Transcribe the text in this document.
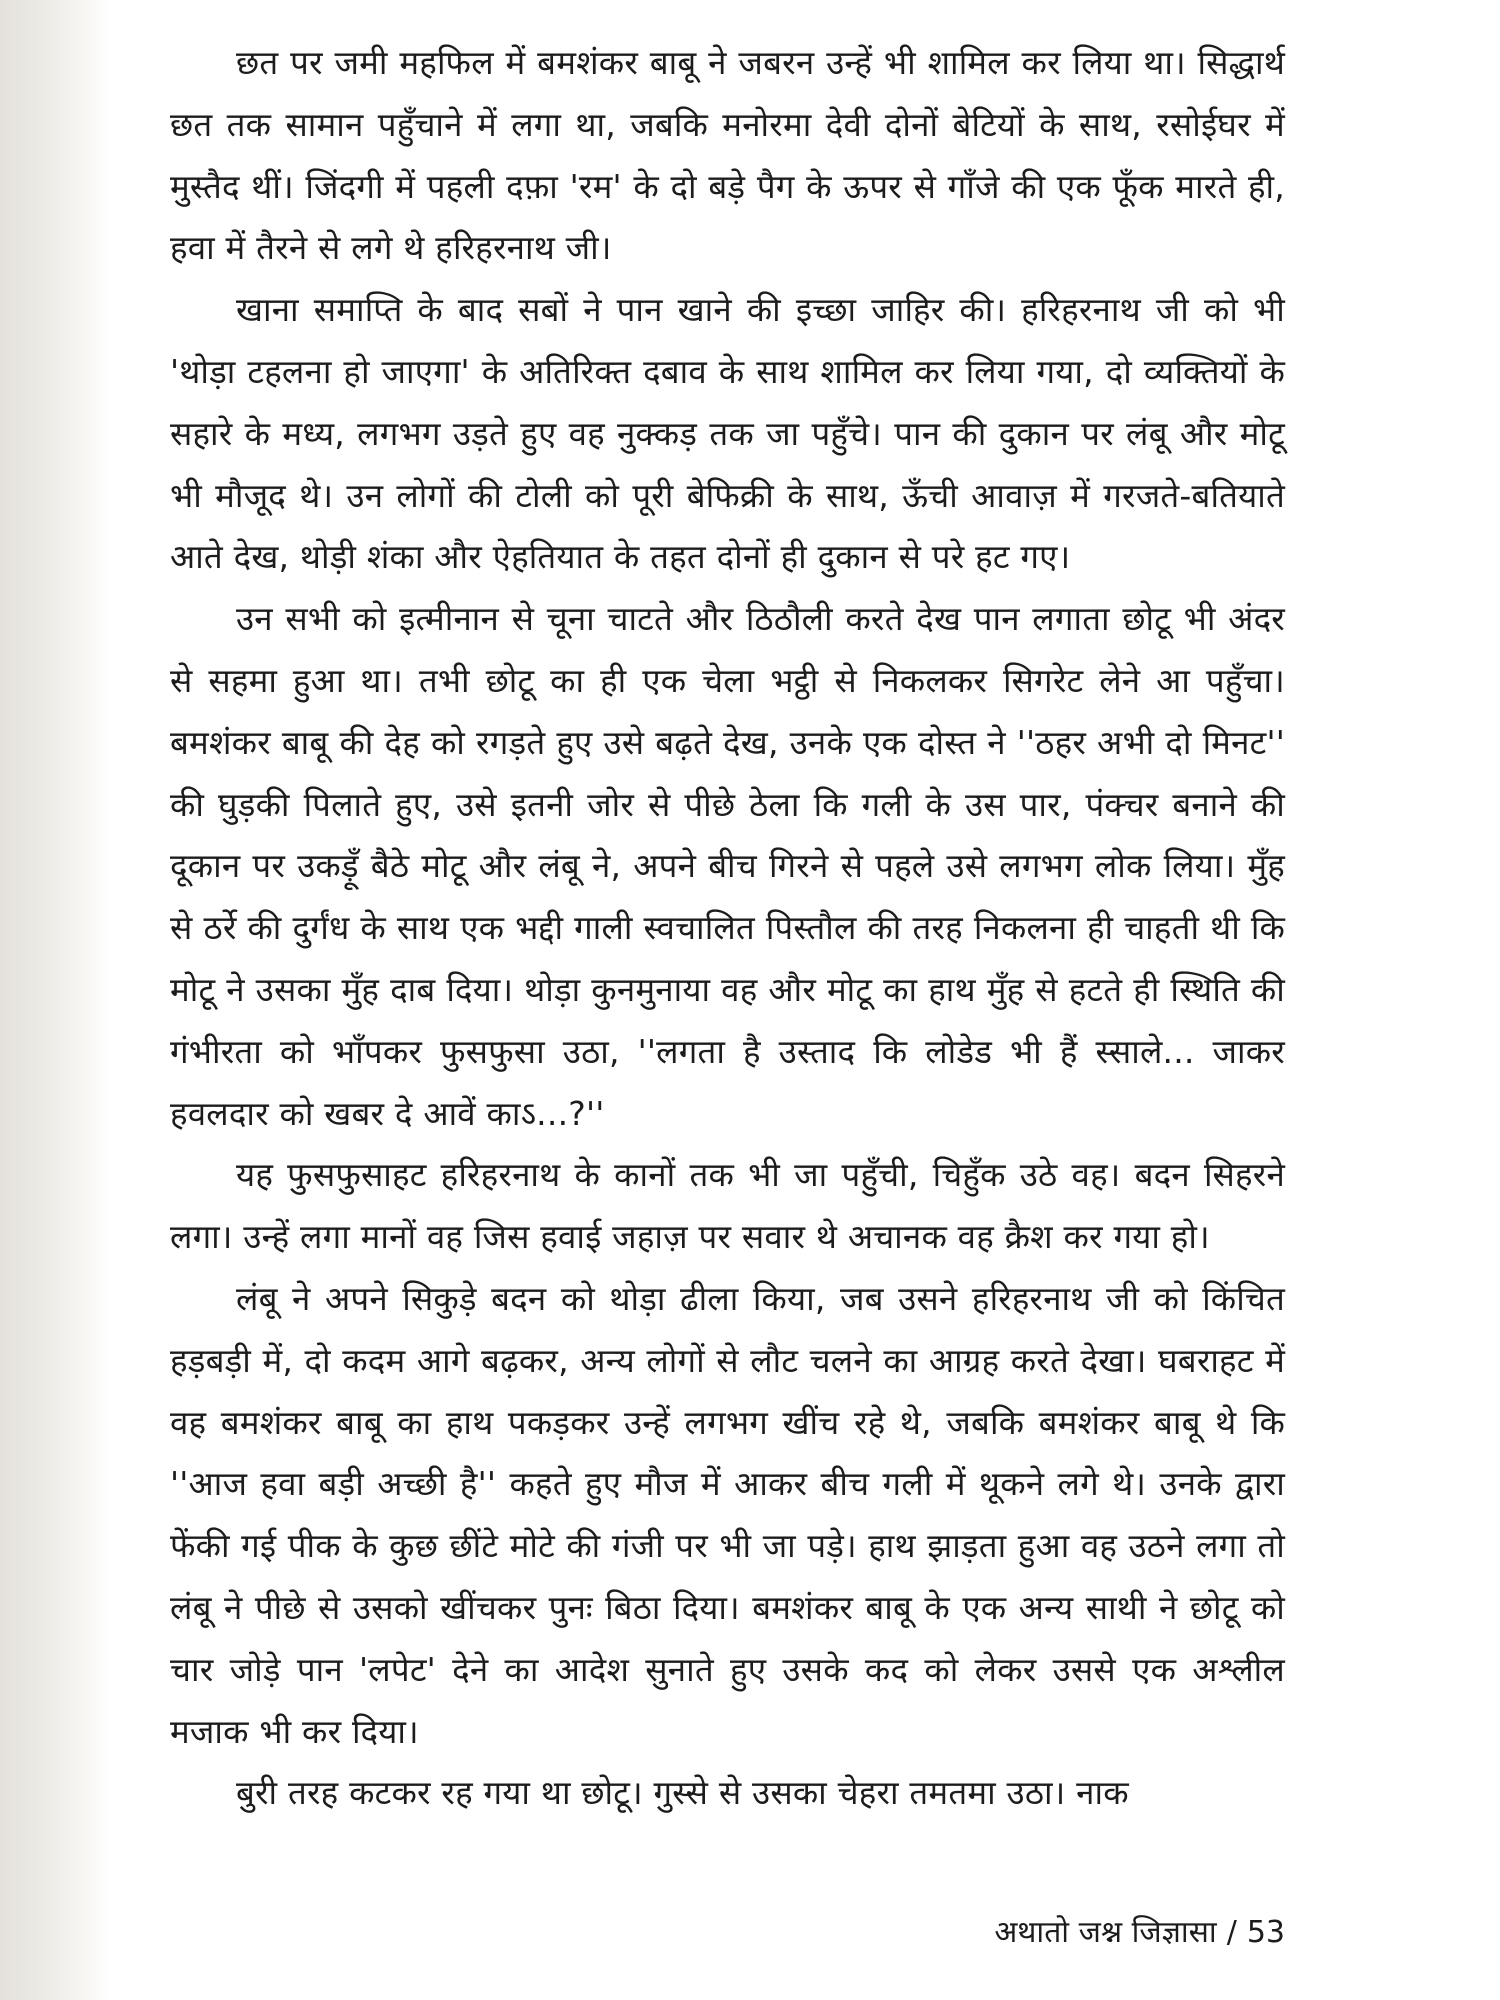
छत पर जमी महफिल में बमशंकर बाबू ने जबरन उन्हें भी शामिल कर लिया था। सिद्धार्थ छत तक सामान पहुँचाने में लगा था, जबकि मनोरमा देवी दोनों बेटियों के साथ, रसोईघर में मुस्तैद थीं। जिंदगी में पहली दफ़ा 'रम' के दो बड़े पैग के ऊपर से गाँजे की एक फूँक मारते ही, हवा में तैरने से लगे थे हरिहरनाथ जी।

खाना समाप्ति के बाद सबों ने पान खाने की इच्छा जाहिर की। हरिहरनाथ जी को भी 'थोड़ा टहलना हो जाएगा' के अतिरिक्त दबाव के साथ शामिल कर लिया गया, दो व्यक्तियों के सहारे के मध्य, लगभग उड़ते हुए वह नुक्कड़ तक जा पहुँचे। पान की दुकान पर लंबू और मोटू भी मौजूद थे। उन लोगों की टोली को पूरी बेफिक्री के साथ, ऊँची आवाज़ में गरजते-बतियाते आते देख, थोड़ी शंका और ऐहतियात के तहत दोनों ही दुकान से परे हट गए।

उन सभी को इत्मीनान से चूना चाटते और ठिठौली करते देख पान लगाता छोटू भी अंदर से सहमा हुआ था। तभी छोटू का ही एक चेला भट्ठी से निकलकर सिगरेट लेने आ पहुँचा। बमशंकर बाबू की देह को रगड़ते हुए उसे बढ़ते देख, उनके एक दोस्त ने ''ठहर अभी दो मिनट'' की घुड़की पिलाते हुए, उसे इतनी जोर से पीछे ठेला कि गली के उस पार, पंक्चर बनाने की दूकान पर उकड़ूँ बैठे मोटू और लंबू ने, अपने बीच गिरने से पहले उसे लगभग लोक लिया। मुँह से ठर्रे की दुर्गंध के साथ एक भद्दी गाली स्वचालित पिस्तौल की तरह निकलना ही चाहती थी कि मोटू ने उसका मुँह दाब दिया। थोड़ा कुनमुनाया वह और मोटू का हाथ मुँह से हटते ही स्थिति की गंभीरता को भाँपकर फुसफुसा उठा, ''लगता है उस्ताद कि लोडेड भी हैं स्साले... जाकर हवलदार को खबर दे आवें काऽ...?''

यह फुसफुसाहट हरिहरनाथ के कानों तक भी जा पहुँची, चिहुँक उठे वह। बदन सिहरने लगा। उन्हें लगा मानों वह जिस हवाई जहाज़ पर सवार थे अचानक वह क्रैश कर गया हो।

लंबू ने अपने सिकुड़े बदन को थोड़ा ढीला किया, जब उसने हरिहरनाथ जी को किंचित हड़बड़ी में, दो कदम आगे बढ़कर, अन्य लोगों से लौट चलने का आग्रह करते देखा। घबराहट में वह बमशंकर बाबू का हाथ पकड़कर उन्हें लगभग खींच रहे थे, जबकि बमशंकर बाबू थे कि ''आज हवा बड़ी अच्छी है'' कहते हुए मौज में आकर बीच गली में थूकने लगे थे। उनके द्वारा फेंकी गई पीक के कुछ छींटे मोटे की गंजी पर भी जा पड़े। हाथ झाड़ता हुआ वह उठने लगा तो लंबू ने पीछे से उसको खींचकर पुनः बिठा दिया। बमशंकर बाबू के एक अन्य साथी ने छोटू को चार जोड़े पान 'लपेट' देने का आदेश सुनाते हुए उसके कद को लेकर उससे एक अश्लील मजाक भी कर दिया।

बुरी तरह कटकर रह गया था छोटू। गुस्से से उसका चेहरा तमतमा उठा। नाक

अथातो जश्न जिज्ञासा / 53
